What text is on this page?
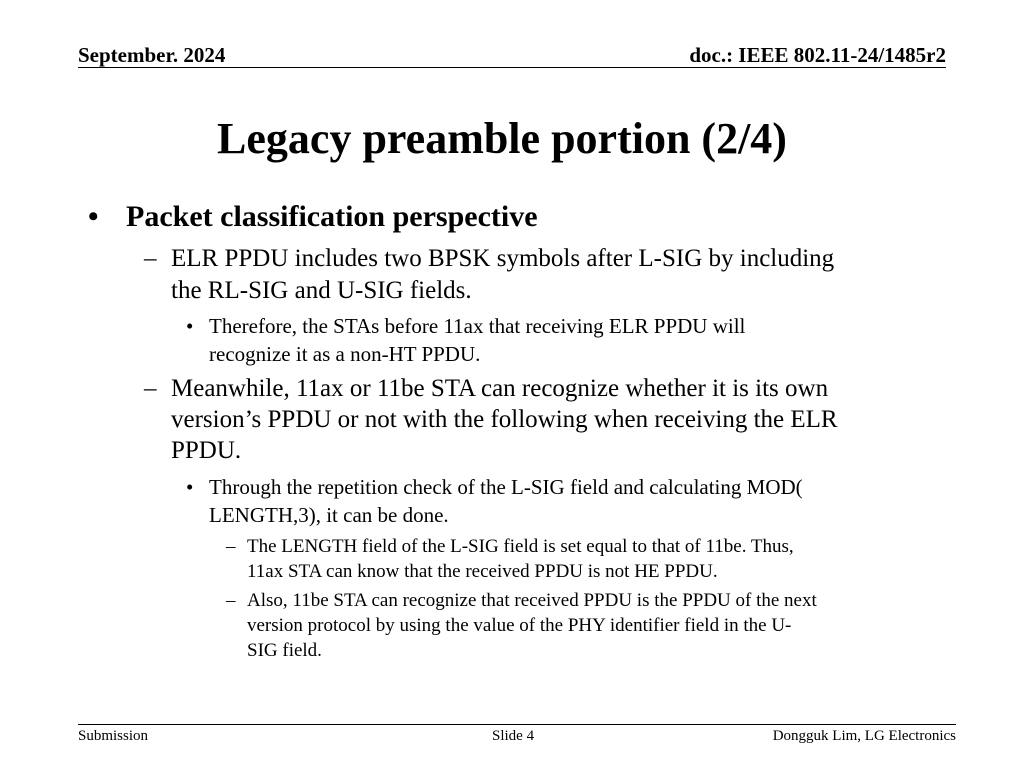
September. 2024	doc.: IEEE 802.11-24/1485r2
Legacy preamble portion (2/4)
• Packet classification perspective
– ELR PPDU includes two BPSK symbols after L-SIG by including
the RL-SIG and U-SIG fields.
• Therefore, the STAs before 11ax that receiving ELR PPDU will
recognize it as a non-HT PPDU.
– Meanwhile, 11ax or 11be STA can recognize whether it is its own
version’s PPDU or not with the following when receiving the ELR
PPDU.
• Through the repetition check of the L-SIG field and calculating MOD(
LENGTH,3), it can be done.
– The LENGTH field of the L-SIG field is set equal to that of 11be. Thus,
11ax STA can know that the received PPDU is not HE PPDU.
– Also, 11be STA can recognize that received PPDU is the PPDU of the next
version protocol by using the value of the PHY identifier field in the U-
SIG field.
Submission	Slide 4	Dongguk Lim, LG Electronics
